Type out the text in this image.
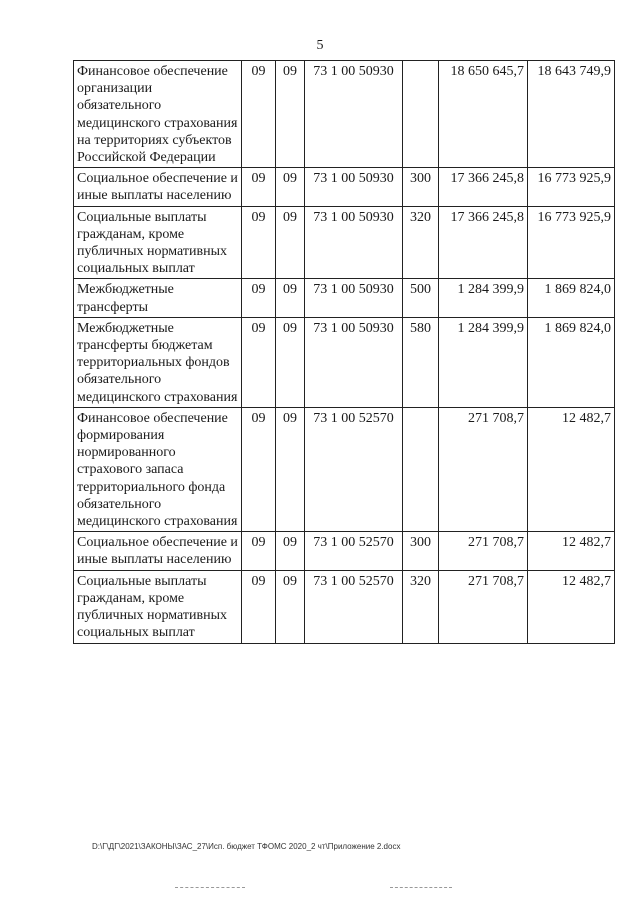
5
Финансовое обеспечение организации обязательного медицинского страхования на территориях субъектов Российской Федерации	09	09	73 1 00 50930		18 650 645,7	18 643 749,9
Социальное обеспечение и иные выплаты населению	09	09	73 1 00 50930	300	17 366 245,8	16 773 925,9
Социальные выплаты гражданам, кроме публичных нормативных социальных выплат	09	09	73 1 00 50930	320	17 366 245,8	16 773 925,9
Межбюджетные трансферты	09	09	73 1 00 50930	500	1 284 399,9	1 869 824,0
Межбюджетные трансферты бюджетам территориальных фондов обязательного медицинского страхования	09	09	73 1 00 50930	580	1 284 399,9	1 869 824,0
Финансовое обеспечение формирования нормированного страхового запаса территориального фонда обязательного медицинского страхования	09	09	73 1 00 52570		271 708,7	12 482,7
Социальное обеспечение и иные выплаты населению	09	09	73 1 00 52570	300	271 708,7	12 482,7
Социальные выплаты гражданам, кроме публичных нормативных социальных выплат	09	09	73 1 00 52570	320	271 708,7	12 482,7
D:\Г\ДГ\2021\ЗАКОНЫ\ЗАС_27\Исп. бюджет ТФОМС 2020_2 чт\Приложение 2.docx
